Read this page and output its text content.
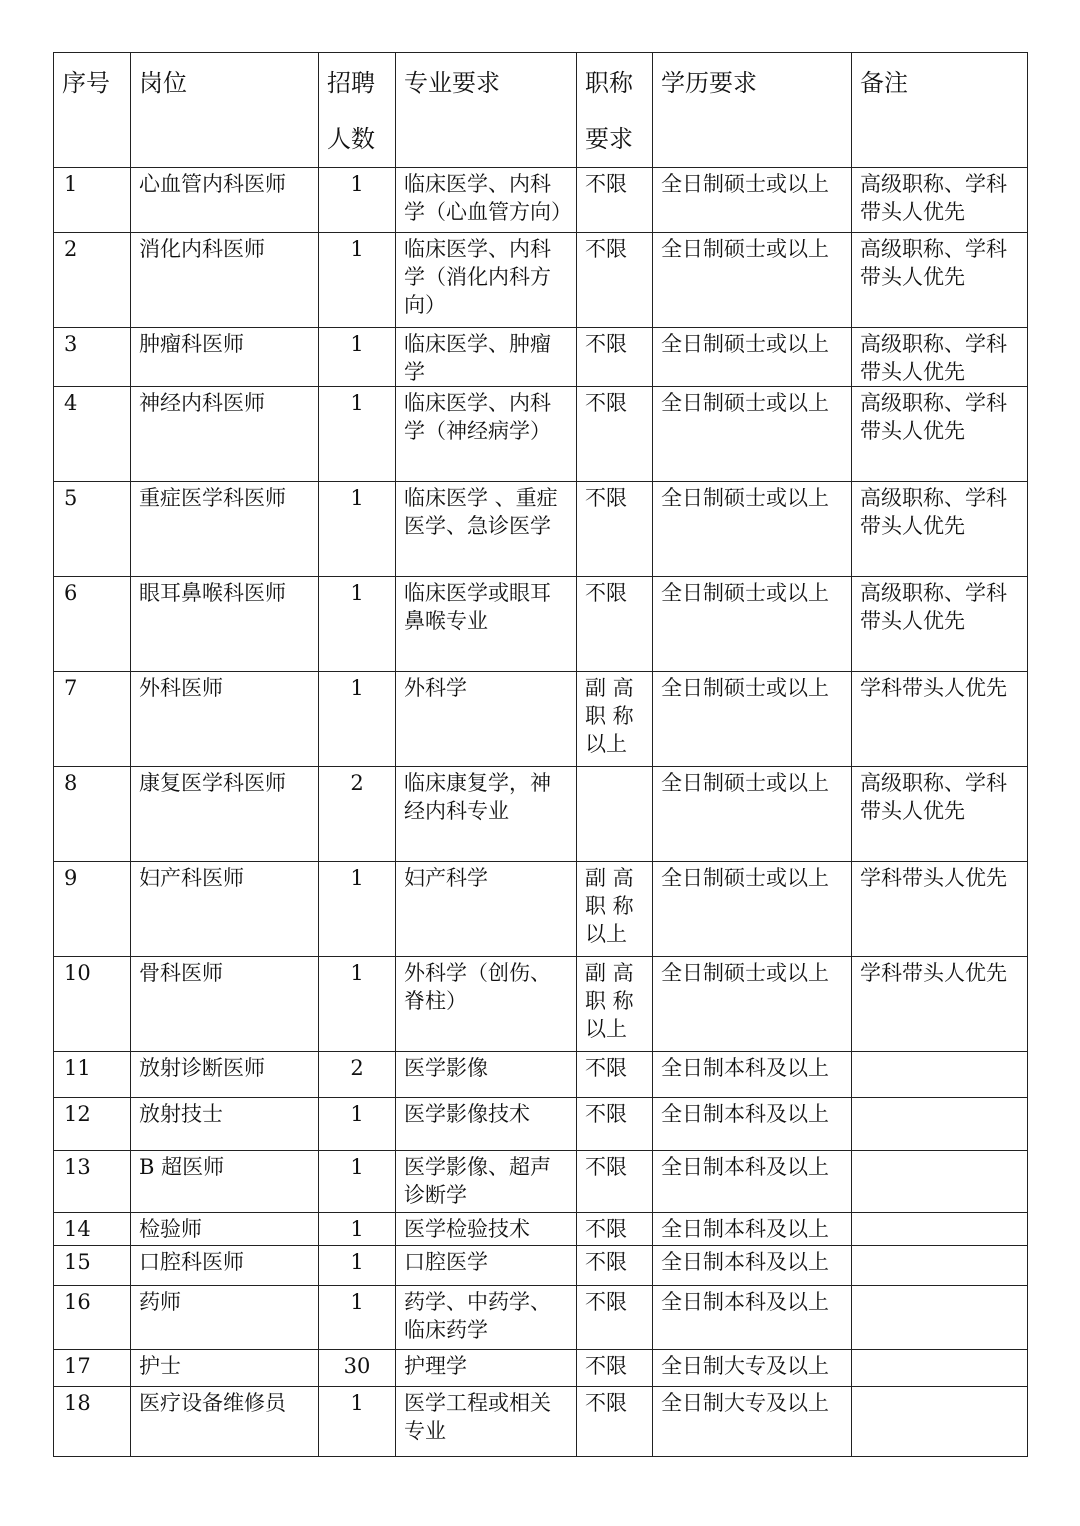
序号	岗位	招聘
人数	专业要求	职称
要求	学历要求	备注
1	心血管内科医师	1	临床医学、内科
学（心血管方向）	不限	全日制硕士或以上	高级职称、学科
带头人优先
2	消化内科医师	1	临床医学、内科
学（消化内科方
向）	不限	全日制硕士或以上	高级职称、学科
带头人优先
3	肿瘤科医师	1	临床医学、肿瘤
学	不限	全日制硕士或以上	高级职称、学科
带头人优先
4	神经内科医师	1	临床医学、内科
学（神经病学）	不限	全日制硕士或以上	高级职称、学科
带头人优先
5	重症医学科医师	1	临床医学 、重症
医学、急诊医学	不限	全日制硕士或以上	高级职称、学科
带头人优先
6	眼耳鼻喉科医师	1	临床医学或眼耳
鼻喉专业	不限	全日制硕士或以上	高级职称、学科
带头人优先
7	外科医师	1	外科学	副 高
职 称
以上	全日制硕士或以上	学科带头人优先
8	康复医学科医师	2	临床康复学，神
经内科专业		全日制硕士或以上	高级职称、学科
带头人优先
9	妇产科医师	1	妇产科学	副 高
职 称
以上	全日制硕士或以上	学科带头人优先
10	骨科医师	1	外科学（创伤、
脊柱）	副 高
职 称
以上	全日制硕士或以上	学科带头人优先
11	放射诊断医师	2	医学影像	不限	全日制本科及以上	
12	放射技士	1	医学影像技术	不限	全日制本科及以上	
13	B 超医师	1	医学影像、超声
诊断学	不限	全日制本科及以上	
14	检验师	1	医学检验技术	不限	全日制本科及以上	
15	口腔科医师	1	口腔医学	不限	全日制本科及以上	
16	药师	1	药学、中药学、
临床药学	不限	全日制本科及以上	
17	护士	30	护理学	不限	全日制大专及以上	
18	医疗设备维修员	1	医学工程或相关
专业	不限	全日制大专及以上	
